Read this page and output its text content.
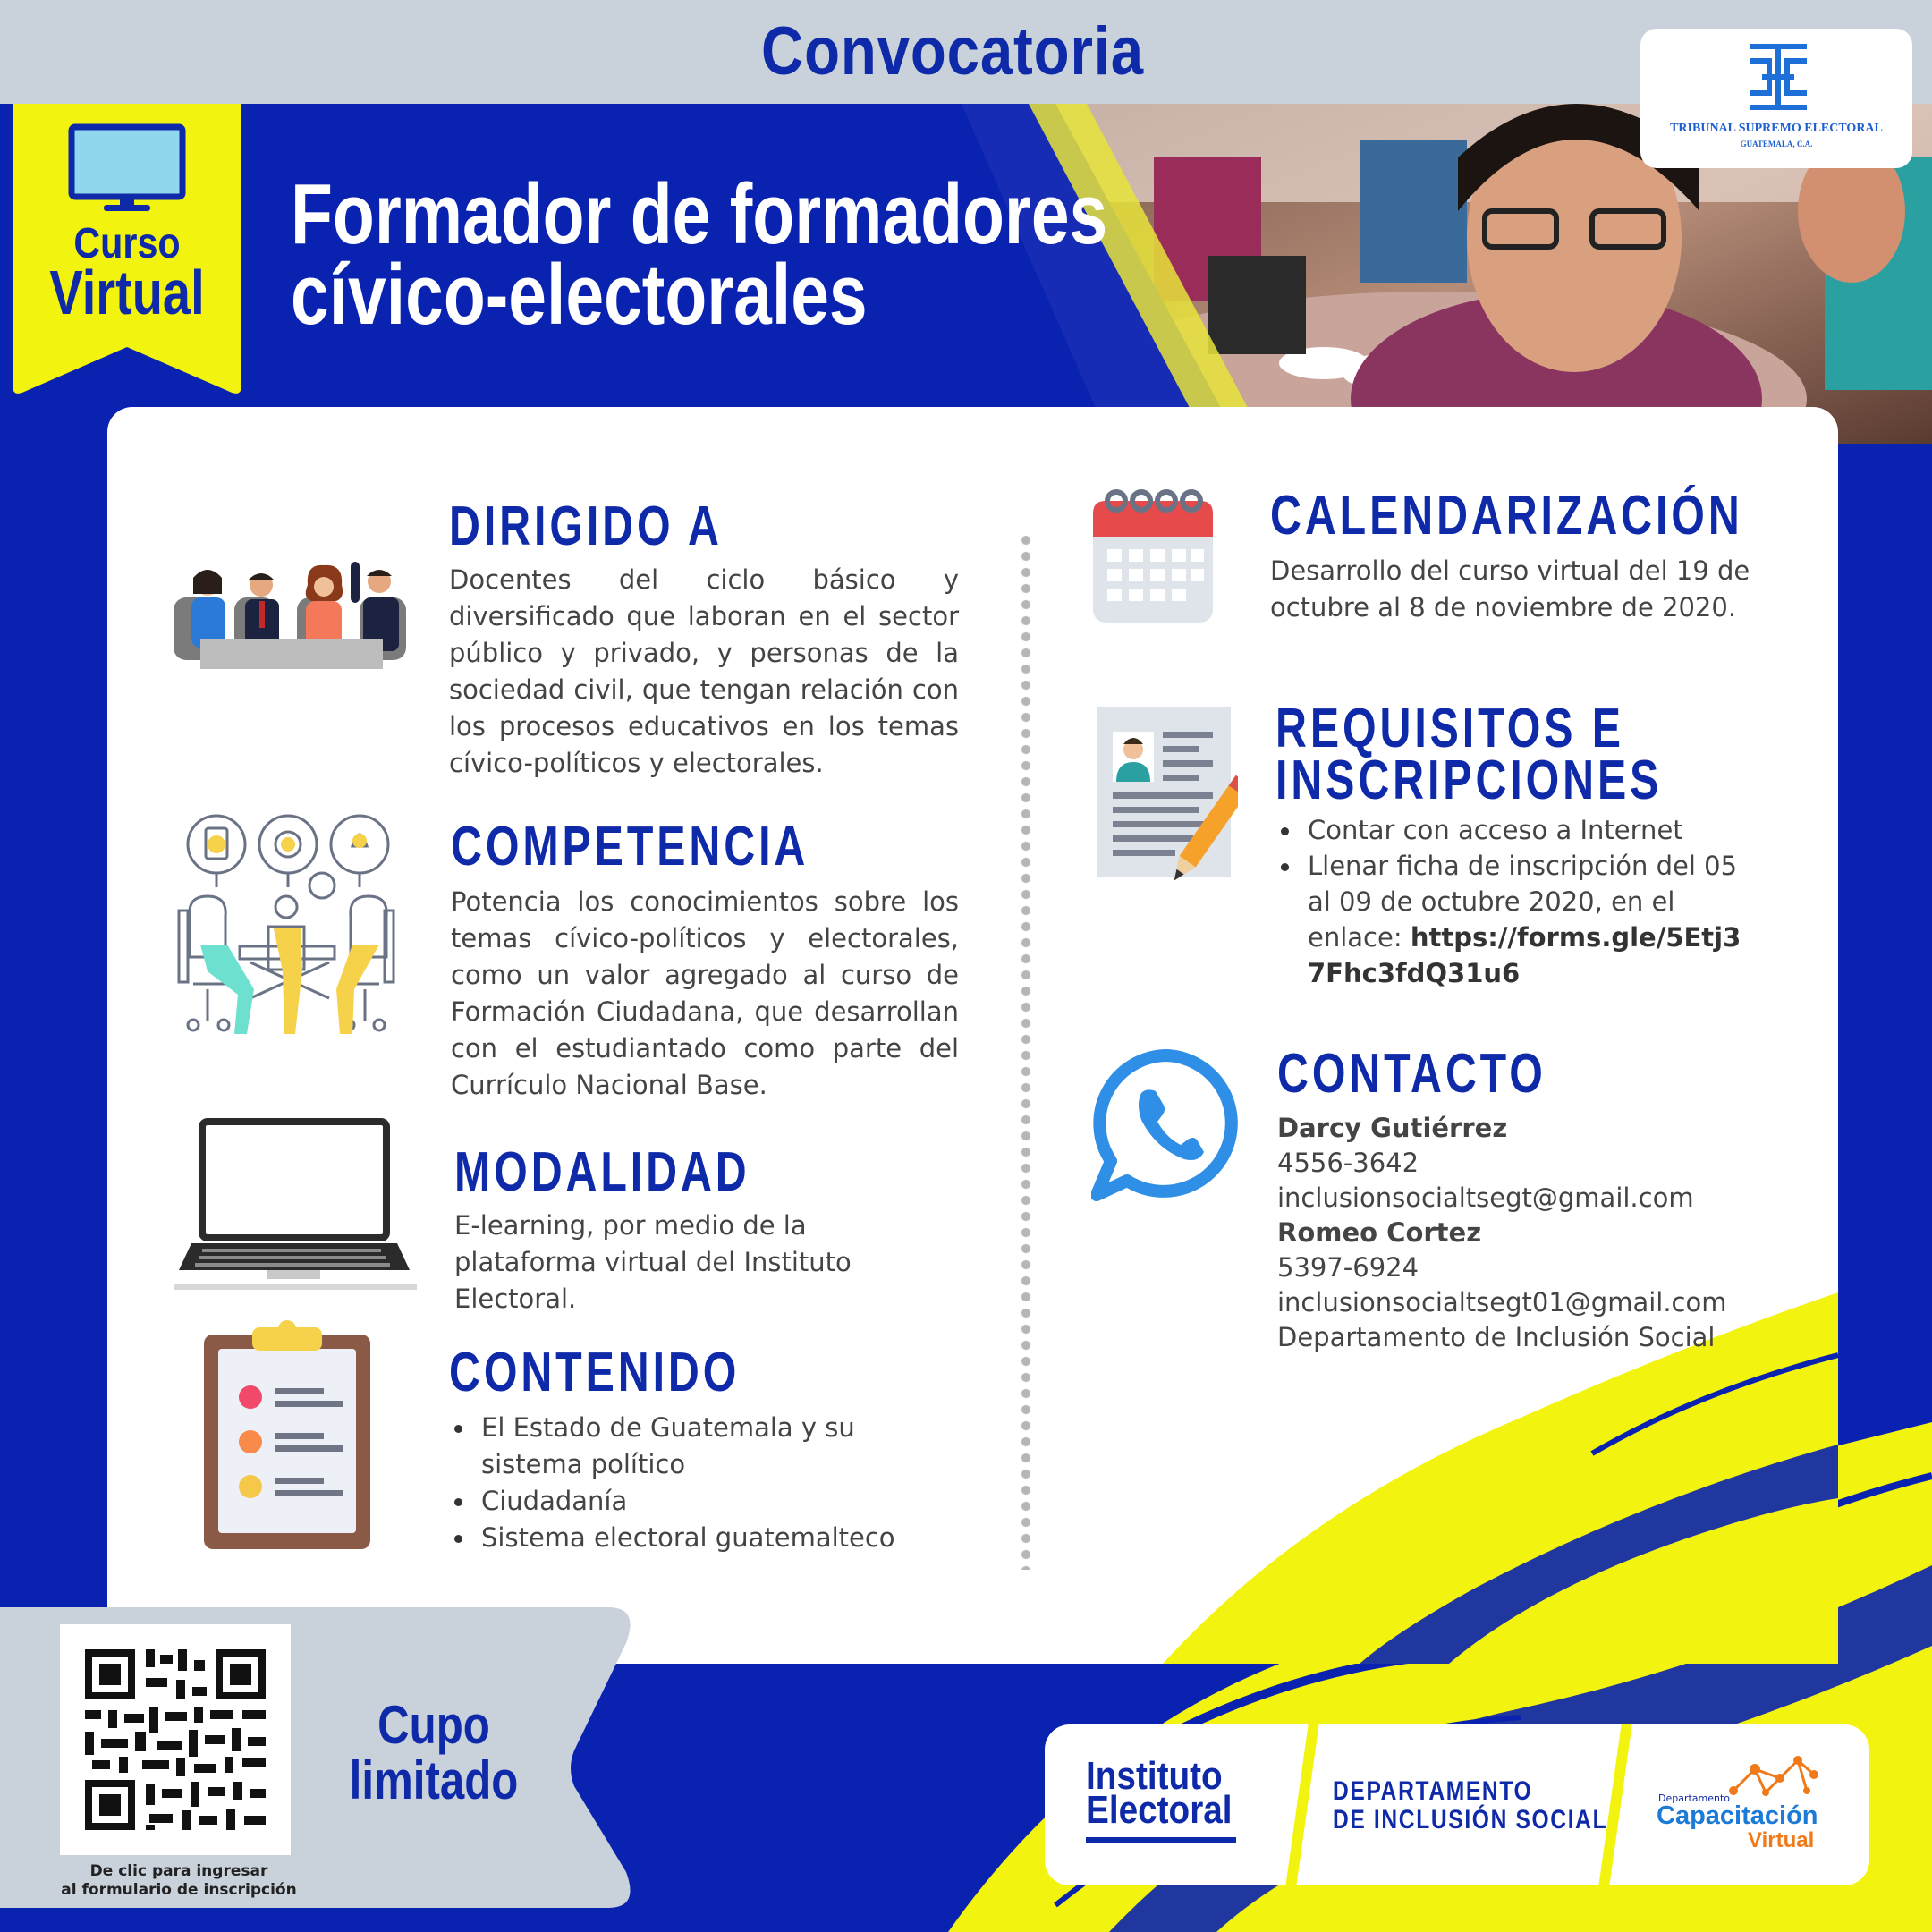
Convocatoria
TRIBUNAL SUPREMO ELECTORAL
GUATEMALA, C.A.
Curso
Virtual
Formador de formadores
cívico-electorales
DIRIGIDO A
Docentes del ciclo básico y diversificado que laboran en el sector público y privado, y personas de la sociedad civil, que tengan relación con los procesos educativos en los temas cívico-políticos y electorales.
COMPETENCIA
Potencia los conocimientos sobre los temas cívico-políticos y electorales, como un valor agregado al curso de Formación Ciudadana, que desarrollan con el estudiantado como parte del Currículo Nacional Base.
MODALIDAD
E-learning, por medio de la plataforma virtual del Instituto Electoral.
CONTENIDO
El Estado de Guatemala y su sistema político
Ciudadanía
Sistema electoral guatemalteco
CALENDARIZACIÓN
Desarrollo del curso virtual del 19 de octubre al 8 de noviembre de 2020.
REQUISITOS E
INSCRIPCIONES
Contar con acceso a Internet
Llenar ficha de inscripción del 05 al 09 de octubre 2020, en el enlace: https://forms.gle/5Etj37Fhc3fdQ31u6
CONTACTO
Darcy Gutiérrez
4556-3642
inclusionsocialtsegt@gmail.com
Romeo Cortez
5397-6924
inclusionsocialtsegt01@gmail.com
Departamento de Inclusión Social
De clic para ingresar
al formulario de inscripción
Cupo
limitado	Instituto
Electoral	DEPARTAMENTO
DE INCLUSIÓN SOCIAL
Departamento
Capacitación
Virtual
